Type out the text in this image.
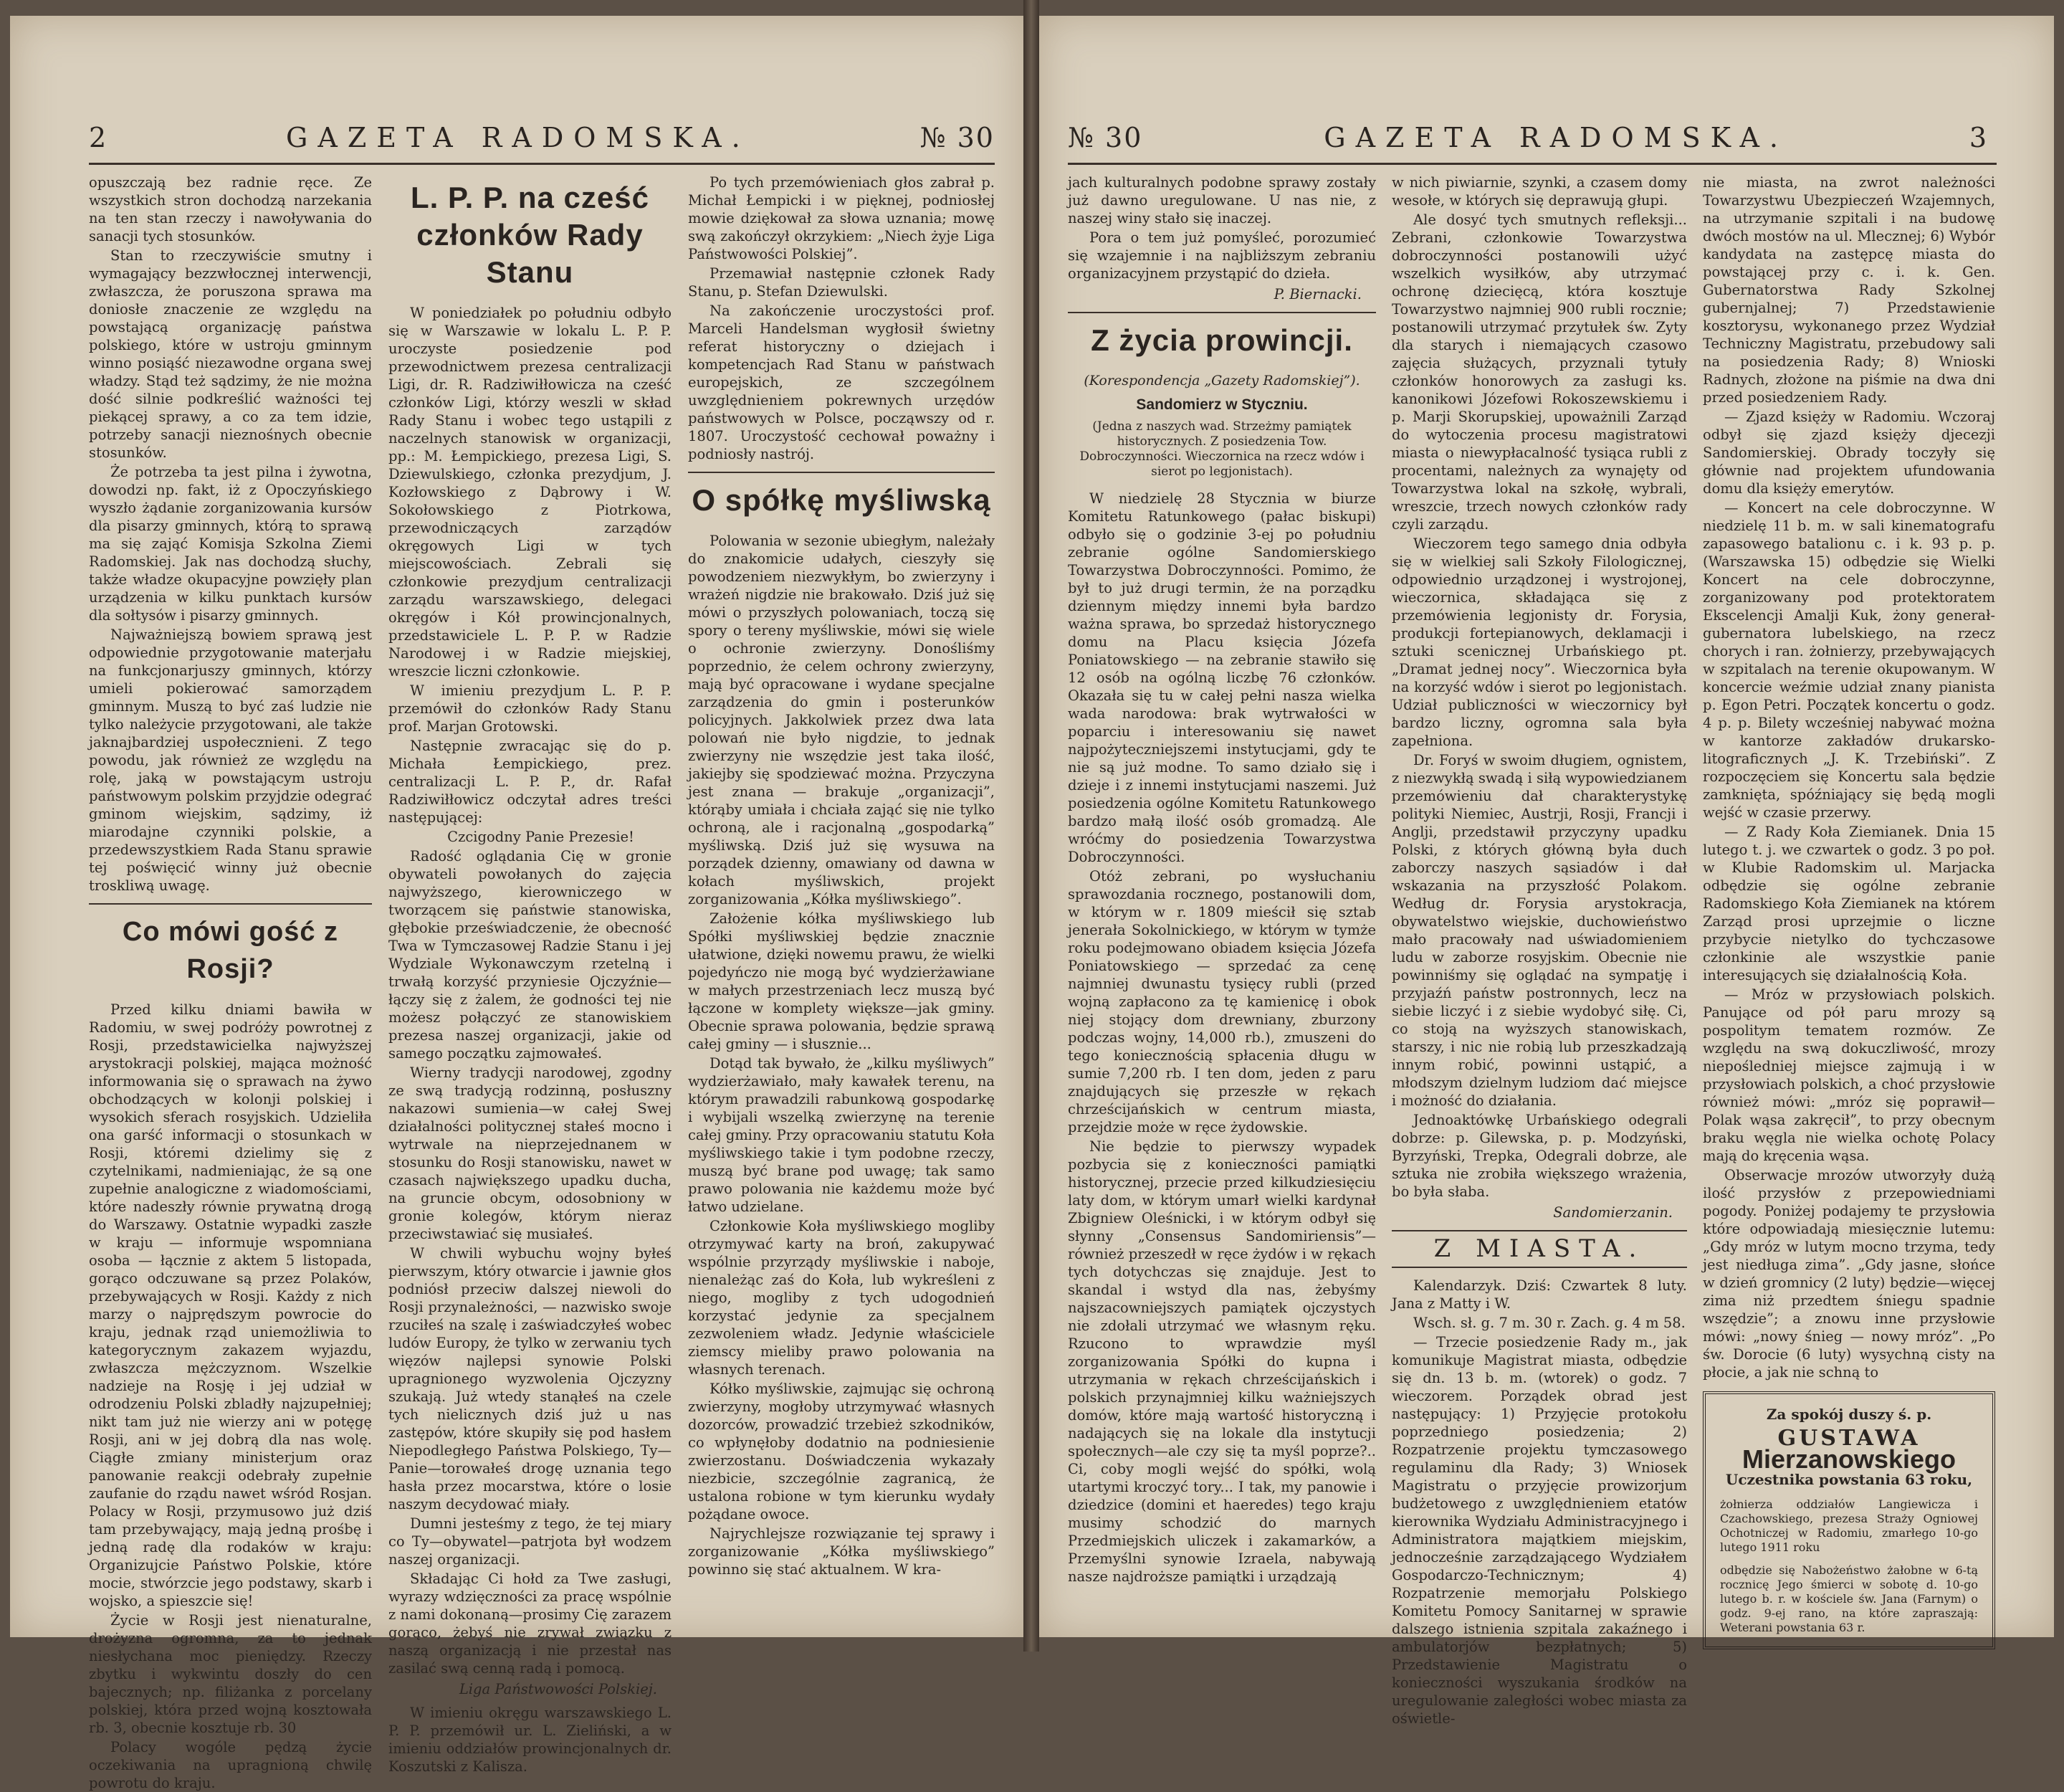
2	GAZETA RADOMSKA.	№ 30

opuszczają bez radnie ręce. Ze wszystkich stron dochodzą narzekania na ten stan rzeczy i nawoływania do sanacji tych stosunków.

Stan to rzeczywiście smutny i wymagający bezzwłocznej interwencji, zwłaszcza, że poruszona sprawa ma doniosłe znaczenie ze względu na powstającą organizację państwa polskiego, które w ustroju gminnym winno posiąść niezawodne organa swej władzy. Stąd też sądzimy, że nie można dość silnie podkreślić ważności tej piekącej sprawy, a co za tem idzie, potrzeby sanacji nieznośnych obecnie stosunków.

Że potrzeba ta jest pilna i żywotna, dowodzi np. fakt, iż z Opoczyńskiego wyszło żądanie zorganizowania kursów dla pisarzy gminnych, którą to sprawą ma się zająć Komisja Szkolna Ziemi Radomskiej. Jak nas dochodzą słuchy, także władze okupacyjne powzięły plan urządzenia w kilku punktach kursów dla sołtysów i pisarzy gminnych.

Najważniejszą bowiem sprawą jest odpowiednie przygotowanie materjału na funkcjonarjuszy gminnych, którzy umieli pokierować samorządem gminnym. Muszą to być zaś ludzie nie tylko należycie przygotowani, ale także jaknajbardziej uspołecznieni. Z tego powodu, jak również ze względu na rolę, jaką w powstającym ustroju państwowym polskim przyjdzie odegrać gminom wiejskim, sądzimy, iż miarodajne czynniki polskie, a przedewszystkiem Rada Stanu sprawie tej poświęcić winny już obecnie troskliwą uwagę.

Co mówi gość z Rosji?

Przed kilku dniami bawiła w Radomiu, w swej podróży powrotnej z Rosji, przedstawicielka najwyższej arystokracji polskiej, mająca możność informowania się o sprawach na żywo obchodzących w kolonji polskiej i wysokich sferach rosyjskich. Udzieliła ona garść informacji o stosunkach w Rosji, któremi dzielimy się z czytelnikami, nadmieniając, że są one zupełnie analogiczne z wiadomościami, które nadeszły równie prywatną drogą do Warszawy. Ostatnie wypadki zaszłe w kraju — informuje wspomniana osoba — łącznie z aktem 5 listopada, gorąco odczuwane są przez Polaków, przebywających w Rosji. Każdy z nich marzy o najprędszym powrocie do kraju, jednak rząd uniemożliwia to kategorycznym zakazem wyjazdu, zwłaszcza mężczyznom. Wszelkie nadzieje na Rosję i jej udział w odrodzeniu Polski zbladły najzupełniej; nikt tam już nie wierzy ani w potęgę Rosji, ani w jej dobrą dla nas wolę. Ciągłe zmiany ministerjum oraz panowanie reakcji odebrały zupełnie zaufanie do rządu nawet wśród Rosjan. Polacy w Rosji, przymusowo już dziś tam przebywający, mają jedną prośbę i jedną radę dla rodaków w kraju: Organizujcie Państwo Polskie, które mocie, stwórzcie jego podstawy, skarb i wojsko, a spieszcie się!

Życie w Rosji jest nienaturalne, drożyzna ogromna, za to jednak niesłychana moc pieniędzy. Rzeczy zbytku i wykwintu doszły do cen bajecznych; np. filiżanka z porcelany polskiej, która przed wojną kosztowała rb. 3, obecnie kosztuje rb. 30

Polacy wogóle pędzą życie oczekiwania na upragnioną chwilę powrotu do kraju.

L. P. P. na cześć członków Rady Stanu

W poniedziałek po południu odbyło się w Warszawie w lokalu L. P. P. uroczyste posiedzenie pod przewodnictwem prezesa centralizacji Ligi, dr. R. Radziwiłłowicza na cześć członków Ligi, którzy weszli w skład Rady Stanu i wobec tego ustąpili z naczelnych stanowisk w organizacji, pp.: M. Łempickiego, prezesa Ligi, S. Dziewulskiego, członka prezydjum, J. Kozłowskiego z Dąbrowy i W. Sokołowskiego z Piotrkowa, przewodniczących zarządów okręgowych Ligi w tych miejscowościach. Zebrali się członkowie prezydjum centralizacji zarządu warszawskiego, delegaci okręgów i Kół prowincjonalnych, przedstawiciele L. P. P. w Radzie Narodowej i w Radzie miejskiej, wreszcie liczni członkowie.

W imieniu prezydjum L. P. P. przemówił do członków Rady Stanu prof. Marjan Grotowski.

Następnie zwracając się do p. Michała Łempickiego, prez. centralizacji L. P. P., dr. Rafał Radziwiłłowicz odczytał adres treści następującej:

Czcigodny Panie Prezesie!

Radość oglądania Cię w gronie obywateli powołanych do zajęcia najwyższego, kierowniczego w tworzącem się państwie stanowiska, głębokie przeświadczenie, że obecność Twa w Tymczasowej Radzie Stanu i jej Wydziale Wykonawczym rzetelną i trwałą korzyść przyniesie Ojczyźnie—łączy się z żalem, że godności tej nie możesz połączyć ze stanowiskiem prezesa naszej organizacji, jakie od samego początku zajmowałeś.

Wierny tradycji narodowej, zgodny ze swą tradycją rodzinną, posłuszny nakazowi sumienia—w całej Swej działalności politycznej stałeś mocno i wytrwale na nieprzejednanem w stosunku do Rosji stanowisku, nawet w czasach największego upadku ducha, na gruncie obcym, odosobniony w gronie kolegów, którym nieraz przeciwstawiać się musiałeś.

W chwili wybuchu wojny byłeś pierwszym, który otwarcie i jawnie głos podniósł przeciw dalszej niewoli do Rosji przynależności, — nazwisko swoje rzuciłeś na szalę i zaświadczyłeś wobec ludów Europy, że tylko w zerwaniu tych więzów najlepsi synowie Polski upragnionego wyzwolenia Ojczyzny szukają. Już wtedy stanąłeś na czele tych nielicznych dziś już u nas zastępów, które skupiły się pod hasłem Niepodległego Państwa Polskiego, Ty—Panie—torowałeś drogę uznania tego hasła przez mocarstwa, które o losie naszym decydować miały.

Dumni jesteśmy z tego, że tej miary co Ty—obywatel—patrjota był wodzem naszej organizacji.

Składając Ci hołd za Twe zasługi, wyrazy wdzięczności za pracę wspólnie z nami dokonaną—prosimy Cię zarazem gorąco, żebyś nie zrywał związku z naszą organizacją i nie przestał nas zasilać swą cenną radą i pomocą.

Liga Państwowości Polskiej.

W imieniu okręgu warszawskiego L. P. P. przemówił ur. L. Zieliński, a w imieniu oddziałów prowincjonalnych dr. Koszutski z Kalisza.

Po tych przemówieniach głos zabrał p. Michał Łempicki i w pięknej, podniosłej mowie dziękował za słowa uznania; mowę swą zakończył okrzykiem: „Niech żyje Liga Państwowości Polskiej”.

Przemawiał następnie członek Rady Stanu, p. Stefan Dziewulski.

Na zakończenie uroczystości prof. Marceli Handelsman wygłosił świetny referat historyczny o dziejach i kompetencjach Rad Stanu w państwach europejskich, ze szczególnem uwzględnieniem pokrewnych urzędów państwowych w Polsce, począwszy od r. 1807. Uroczystość cechował poważny i podniosły nastrój.

O spółkę myśliwską

Polowania w sezonie ubiegłym, należały do znakomicie udałych, cieszyły się powodzeniem niezwykłym, bo zwierzyny i wrażeń nigdzie nie brakowało. Dziś już się mówi o przyszłych polowaniach, toczą się spory o tereny myśliwskie, mówi się wiele o ochronie zwierzyny. Donośliśmy poprzednio, że celem ochrony zwierzyny, mają być opracowane i wydane specjalne zarządzenia do gmin i posterunków policyjnych. Jakkolwiek przez dwa lata polowań nie było nigdzie, to jednak zwierzyny nie wszędzie jest taka ilość, jakiejby się spodziewać można. Przyczyna jest znana — brakuje „organizacji”, którąby umiała i chciała zająć się nie tylko ochroną, ale i racjonalną „gospodarką” myśliwską. Dziś już się wysuwa na porządek dzienny, omawiany od dawna w kołach myśliwskich, projekt zorganizowania „Kółka myśliwskiego”.

Założenie kółka myśliwskiego lub Spółki myśliwskiej będzie znacznie ułatwione, dzięki nowemu prawu, że wielki pojedyńczo nie mogą być wydzierżawiane w małych przestrzeniach lecz muszą być łączone w komplety większe—jak gminy. Obecnie sprawa polowania, będzie sprawą całej gminy — i słusznie...

Dotąd tak bywało, że „kilku myśliwych” wydzierżawiało, mały kawałek terenu, na którym prawadzili rabunkową gospodarkę i wybijali wszelką zwierzynę na terenie całej gminy. Przy opracowaniu statutu Koła myśliwskiego takie i tym podobne rzeczy, muszą być brane pod uwagę; tak samo prawo polowania nie każdemu może być łatwo udzielane.

Członkowie Koła myśliwskiego mogliby otrzymywać karty na broń, zakupywać wspólnie przyrządy myśliwskie i naboje, nienależąc zaś do Koła, lub wykreśleni z niego, mogliby z tych udogodnień korzystać jedynie za specjalnem zezwoleniem władz. Jedynie właściciele ziemscy mieliby prawo polowania na własnych terenach.

Kółko myśliwskie, zajmując się ochroną zwierzyny, mogłoby utrzymywać własnych dozorców, prowadzić trzebież szkodników, co wpłynęłoby dodatnio na podniesienie zwierzostanu. Doświadczenia wykazały niezbicie, szczególnie zagranicą, że ustalona robione w tym kierunku wydały pożądane owoce.

Najrychlejsze rozwiązanie tej sprawy i zorganizowanie „Kółka myśliwskiego” powinno się stać aktualnem. W kra-

№ 30	GAZETA RADOMSKA.	3

jach kulturalnych podobne sprawy zostały już dawno uregulowane. U nas nie, z naszej winy stało się inaczej.

Pora o tem już pomyśleć, porozumieć się wzajemnie i na najbliższym zebraniu organizacyjnem przystąpić do dzieła.

P. Biernacki.
Z życia prowincji.
(Korespondencja „Gazety Radomskiej”).
Sandomierz w Styczniu.
(Jedna z naszych wad. Strzeżmy pamiątek historycznych. Z posiedzenia Tow. Dobroczynności. Wieczornica na rzecz wdów i sierot po legjonistach).

W niedzielę 28 Stycznia w biurze Komitetu Ratunkowego (pałac biskupi) odbyło się o godzinie 3-ej po południu zebranie ogólne Sandomierskiego Towarzystwa Dobroczynności. Pomimo, że był to już drugi termin, że na porządku dziennym między innemi była bardzo ważna sprawa, bo sprzedaż historycznego domu na Placu księcia Józefa Poniatowskiego — na zebranie stawiło się 12 osób na ogólną liczbę 76 członków. Okazała się tu w całej pełni nasza wielka wada narodowa: brak wytrwałości w poparciu i interesowaniu się nawet najpożyteczniejszemi instytucjami, gdy te nie są już modne. To samo działo się i dzieje i z innemi instytucjami naszemi. Już posiedzenia ogólne Komitetu Ratunkowego bardzo małą ilość osób gromadzą. Ale wróćmy do posiedzenia Towarzystwa Dobroczynności.

Otóż zebrani, po wysłuchaniu sprawozdania rocznego, postanowili dom, w którym w r. 1809 mieścił się sztab jenerała Sokolnickiego, w którym w tymże roku podejmowano obiadem księcia Józefa Poniatowskiego — sprzedać za cenę najmniej dwunastu tysięcy rubli (przed wojną zapłacono za tę kamienicę i obok niej stojący dom drewniany, zburzony podczas wojny, 14,000 rb.), zmuszeni do tego koniecznością spłacenia długu w sumie 7,200 rb. I ten dom, jeden z paru znajdujących się przeszłe w rękach chrześcijańskich w centrum miasta, przejdzie może w ręce żydowskie.

Nie będzie to pierwszy wypadek pozbycia się z konieczności pamiątki historycznej, przecie przed kilkudziesięciu laty dom, w którym umarł wielki kardynał Zbigniew Oleśnicki, i w którym odbył się słynny „Consensus Sandomiriensis”—również przeszedł w ręce żydów i w rękach tych dotychczas się znajduje. Jest to skandal i wstyd dla nas, żebyśmy najszacowniejszych pamiątek ojczystych nie zdołali utrzymać we własnym ręku. Rzucono to wprawdzie myśl zorganizowania Spółki do kupna i utrzymania w rękach chrześcijańskich i polskich przynajmniej kilku ważniejszych domów, które mają wartość historyczną i nadających się na lokale dla instytucji społecznych—ale czy się ta myśl poprze?.. Ci, coby mogli wejść do spółki, wolą utartymi kroczyć tory... I tak, my panowie i dziedzice (domini et haeredes) tego kraju musimy schodzić do marnych Przedmiejskich uliczek i zakamarków, a Przemyślni synowie Izraela, nabywają nasze najdroższe pamiątki i urządzają

w nich piwiarnie, szynki, a czasem domy wesołe, w których się deprawują głupi.

Ale dosyć tych smutnych refleksji... Zebrani, członkowie Towarzystwa dobroczynności postanowili użyć wszelkich wysiłków, aby utrzymać ochronę dziecięcą, która kosztuje Towarzystwo najmniej 900 rubli rocznie; postanowili utrzymać przytułek św. Zyty dla starych i niemających czasowo zajęcia służących, przyznali tytuły członków honorowych za zasługi ks. kanonikowi Józefowi Rokoszewskiemu i p. Marji Skorupskiej, upoważnili Zarząd do wytoczenia procesu magistratowi miasta o niewypłacalność tysiąca rubli z procentami, należnych za wynajęty od Towarzystwa lokal na szkołę, wybrali, wreszcie, trzech nowych członków rady czyli zarządu.

Wieczorem tego samego dnia odbyła się w wielkiej sali Szkoły Filologicznej, odpowiednio urządzonej i wystrojonej, wieczornica, składająca się z przemówienia legjonisty dr. Forysia, produkcji fortepianowych, deklamacji i sztuki scenicznej Urbańskiego pt. „Dramat jednej nocy”. Wieczornica była na korzyść wdów i sierot po legjonistach. Udział publiczności w wieczornicy był bardzo liczny, ogromna sala była zapełniona.

Dr. Foryś w swoim długiem, ognistem, z niezwykłą swadą i siłą wypowiedzianem przemówieniu dał charakterystykę polityki Niemiec, Austrji, Rosji, Francji i Anglji, przedstawił przyczyny upadku Polski, z których główną była duch zaborczy naszych sąsiadów i dał wskazania na przyszłość Polakom. Według dr. Forysia arystokracja, obywatelstwo wiejskie, duchowieństwo mało pracowały nad uświadomieniem ludu w zaborze rosyjskim. Obecnie nie powinniśmy się oglądać na sympatję i przyjaźń państw postronnych, lecz na siebie liczyć i z siebie wydobyć siłę. Ci, co stoją na wyższych stanowiskach, starszy, i nic nie robią lub przeszkadzają innym robić, powinni ustąpić, a młodszym dzielnym ludziom dać miejsce i możność do działania.

Jednoaktówkę Urbańskiego odegrali dobrze: p. Gilewska, p. p. Modzyński, Byrzyński, Trepka, Odegrali dobrze, ale sztuka nie zrobiła większego wrażenia, bo była słaba.

Sandomierzanin.
Z MIASTA.

Kalendarzyk. Dziś: Czwartek 8 luty. Jana z Matty i W.

Wsch. sł. g. 7 m. 30 r. Zach. g. 4 m 58.

— Trzecie posiedzenie Rady m., jak komunikuje Magistrat miasta, odbędzie się dn. 13 b. m. (wtorek) o godz. 7 wieczorem. Porządek obrad jest następujący: 1) Przyjęcie protokołu poprzedniego posiedzenia; 2) Rozpatrzenie projektu tymczasowego regulaminu dla Rady; 3) Wniosek Magistratu o przyjęcie prowizorjum budżetowego z uwzględnieniem etatów kierownika Wydziału Administracyjnego i Administratora majątkiem miejskim, jednocześnie zarządzającego Wydziałem Gospodarczo-Technicznym; 4) Rozpatrzenie memorjału Polskiego Komitetu Pomocy Sanitarnej w sprawie dalszego istnienia szpitala zakaźnego i ambulatorjów bezpłatnych; 5) Przedstawienie Magistratu o konieczności wyszukania środków na uregulowanie zaległości wobec miasta za oświetle-

nie miasta, na zwrot należności Towarzystwu Ubezpieczeń Wzajemnych, na utrzymanie szpitali i na budowę dwóch mostów na ul. Mlecznej; 6) Wybór kandydata na zastępcę miasta do powstającej przy c. i. k. Gen. Gubernatorstwa Rady Szkolnej gubernjalnej; 7) Przedstawienie kosztorysu, wykonanego przez Wydział Techniczny Magistratu, przebudowy sali na posiedzenia Rady; 8) Wnioski Radnych, złożone na piśmie na dwa dni przed posiedzeniem Rady.

— Zjazd księży w Radomiu. Wczoraj odbył się zjazd księży djecezji Sandomierskiej. Obrady toczyły się głównie nad projektem ufundowania domu dla księży emerytów.

— Koncert na cele dobroczynne. W niedzielę 11 b. m. w sali kinematografu zapasowego batalionu c. i k. 93 p. p. (Warszawska 15) odbędzie się Wielki Koncert na cele dobroczynne, zorganizowany pod protektoratem Ekscelencji Amalji Kuk, żony generał-gubernatora lubelskiego, na rzecz chorych i ran. żołnierzy, przebywających w szpitalach na terenie okupowanym. W koncercie weźmie udział znany pianista p. Egon Petri. Początek koncertu o godz. 4 p. p. Bilety wcześniej nabywać można w kantorze zakładów drukarsko-litograficznych „J. K. Trzebiński”. Z rozpoczęciem się Koncertu sala będzie zamknięta, spóźniający się będą mogli wejść w czasie przerwy.

— Z Rady Koła Ziemianek. Dnia 15 lutego t. j. we czwartek o godz. 3 po poł. w Klubie Radomskim ul. Marjacka odbędzie się ogólne zebranie Radomskiego Koła Ziemianek na którem Zarząd prosi uprzejmie o liczne przybycie nietylko do tychczasowe członkinie ale wszystkie panie interesujących się działalnością Koła.

— Mróz w przysłowiach polskich. Panujące od pół paru mrozy są pospolitym tematem rozmów. Ze względu na swą dokuczliwość, mrozy niepośledniej miejsce zajmują i w przysłowiach polskich, a choć przysłowie również mówi: „mróz się poprawił—Polak wąsa zakręcił”, to przy obecnym braku węgla nie wielka ochotę Polacy mają do kręcenia wąsa.

Obserwacje mrozów utworzyły dużą ilość przysłów z przepowiedniami pogody. Poniżej podajemy te przysłowia które odpowiadają miesięcznie lutemu: „Gdy mróz w lutym mocno trzyma, tedy jest niedługa zima”. „Gdy jasne, słońce w dzień gromnicy (2 luty) będzie—więcej zima niż przedtem śniegu spadnie wszędzie”; a znowu inne przysłowie mówi: „nowy śnieg — nowy mróz”. „Po św. Dorocie (6 luty) wysychną cisty na płocie, a jak nie schną to

Za spokój duszy ś. p.
GUSTAWA
Mierzanowskiego
Uczestnika powstania 63 roku,
żołnierza oddziałów Langiewicza i Czachowskiego, prezesa Straży Ogniowej Ochotniczej w Radomiu, zmarłego 10-go lutego 1911 roku
odbędzie się Nabożeństwo żałobne w 6-tą rocznicę Jego śmierci w sobotę d. 10-go lutego b. r. w kościele św. Jana (Farnym) o godz. 9-ej rano, na które zapraszają: Weterani powstania 63 r.
